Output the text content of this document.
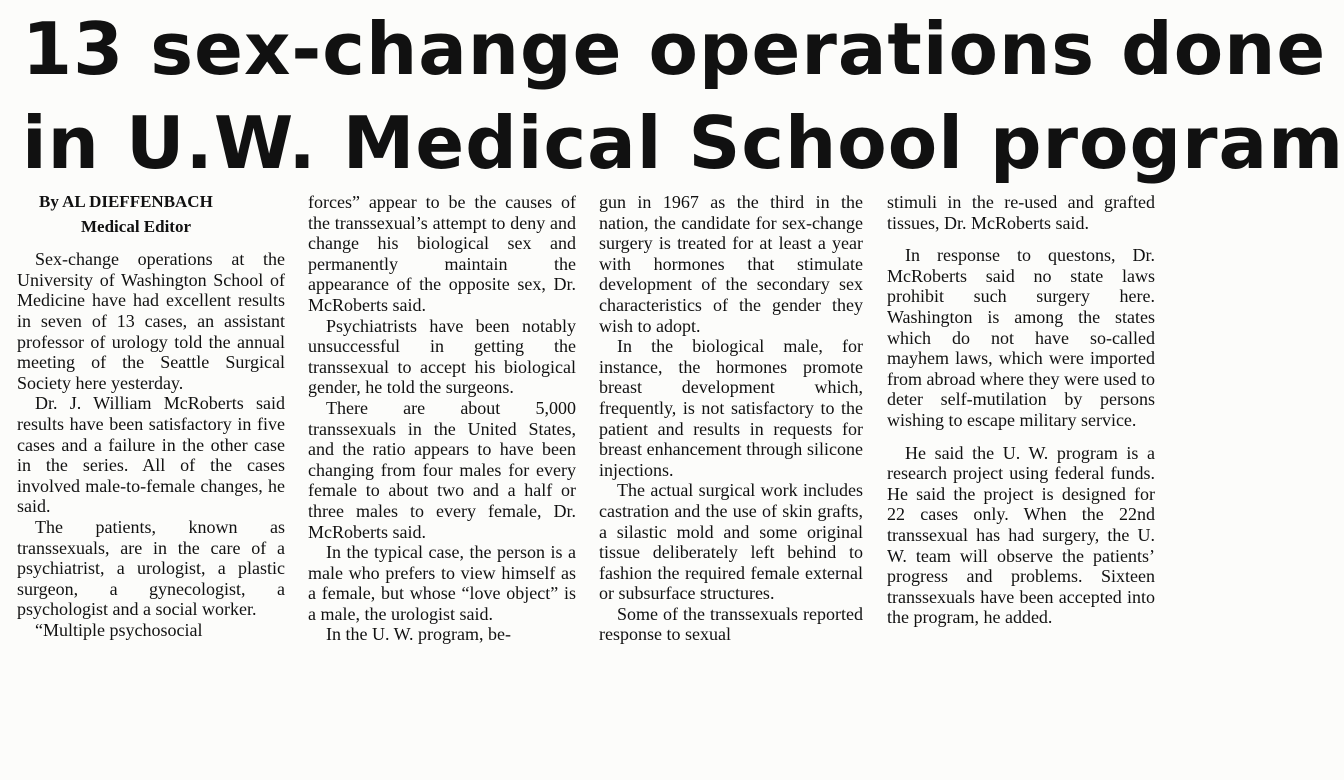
13 sex-change operations done
in U.W. Medical School program

By AL DIEFFENBACH

Medical Editor

Sex-change operations at the University of Washington School of Medicine have had excellent results in seven of 13 cases, an assistant professor of urology told the annual meeting of the Seattle Surgical Society here yesterday.

Dr. J. William McRoberts said results have been satisfactory in five cases and a failure in the other case in the series. All of the cases involved male-to-female changes, he said.

The patients, known as transsexuals, are in the care of a psychiatrist, a urologist, a plastic surgeon, a gynecologist, a psychologist and a social worker.

“Multiple psychosocial

forces” appear to be the causes of the transsexual’s attempt to deny and change his biological sex and permanently maintain the appearance of the opposite sex, Dr. McRoberts said.

Psychiatrists have been notably unsuccessful in getting the transsexual to accept his biological gender, he told the surgeons.

There are about 5,000 transsexuals in the United States, and the ratio appears to have been changing from four males for every female to about two and a half or three males to every female, Dr. McRoberts said.

In the typical case, the person is a male who prefers to view himself as a female, but whose “love object” is a male, the urologist said.

In the U. W. program, be-

gun in 1967 as the third in the nation, the candidate for sex-change surgery is treated for at least a year with hormones that stimulate development of the secondary sex characteristics of the gender they wish to adopt.

In the biological male, for instance, the hormones promote breast development which, frequently, is not satisfactory to the patient and results in requests for breast enhancement through silicone injections.

The actual surgical work includes castration and the use of skin grafts, a silastic mold and some original tissue deliberately left behind to fashion the required female external or subsurface structures.

Some of the transsexuals reported response to sexual

stimuli in the re-used and grafted tissues, Dr. McRoberts said.

In response to questons, Dr. McRoberts said no state laws prohibit such surgery here. Washington is among the states which do not have so-called mayhem laws, which were imported from abroad where they were used to deter self-mutilation by persons wishing to escape military service.

He said the U. W. program is a research project using federal funds. He said the project is designed for 22 cases only. When the 22nd transsexual has had surgery, the U. W. team will observe the patients’ progress and problems. Sixteen transsexuals have been accepted into the program, he added.
